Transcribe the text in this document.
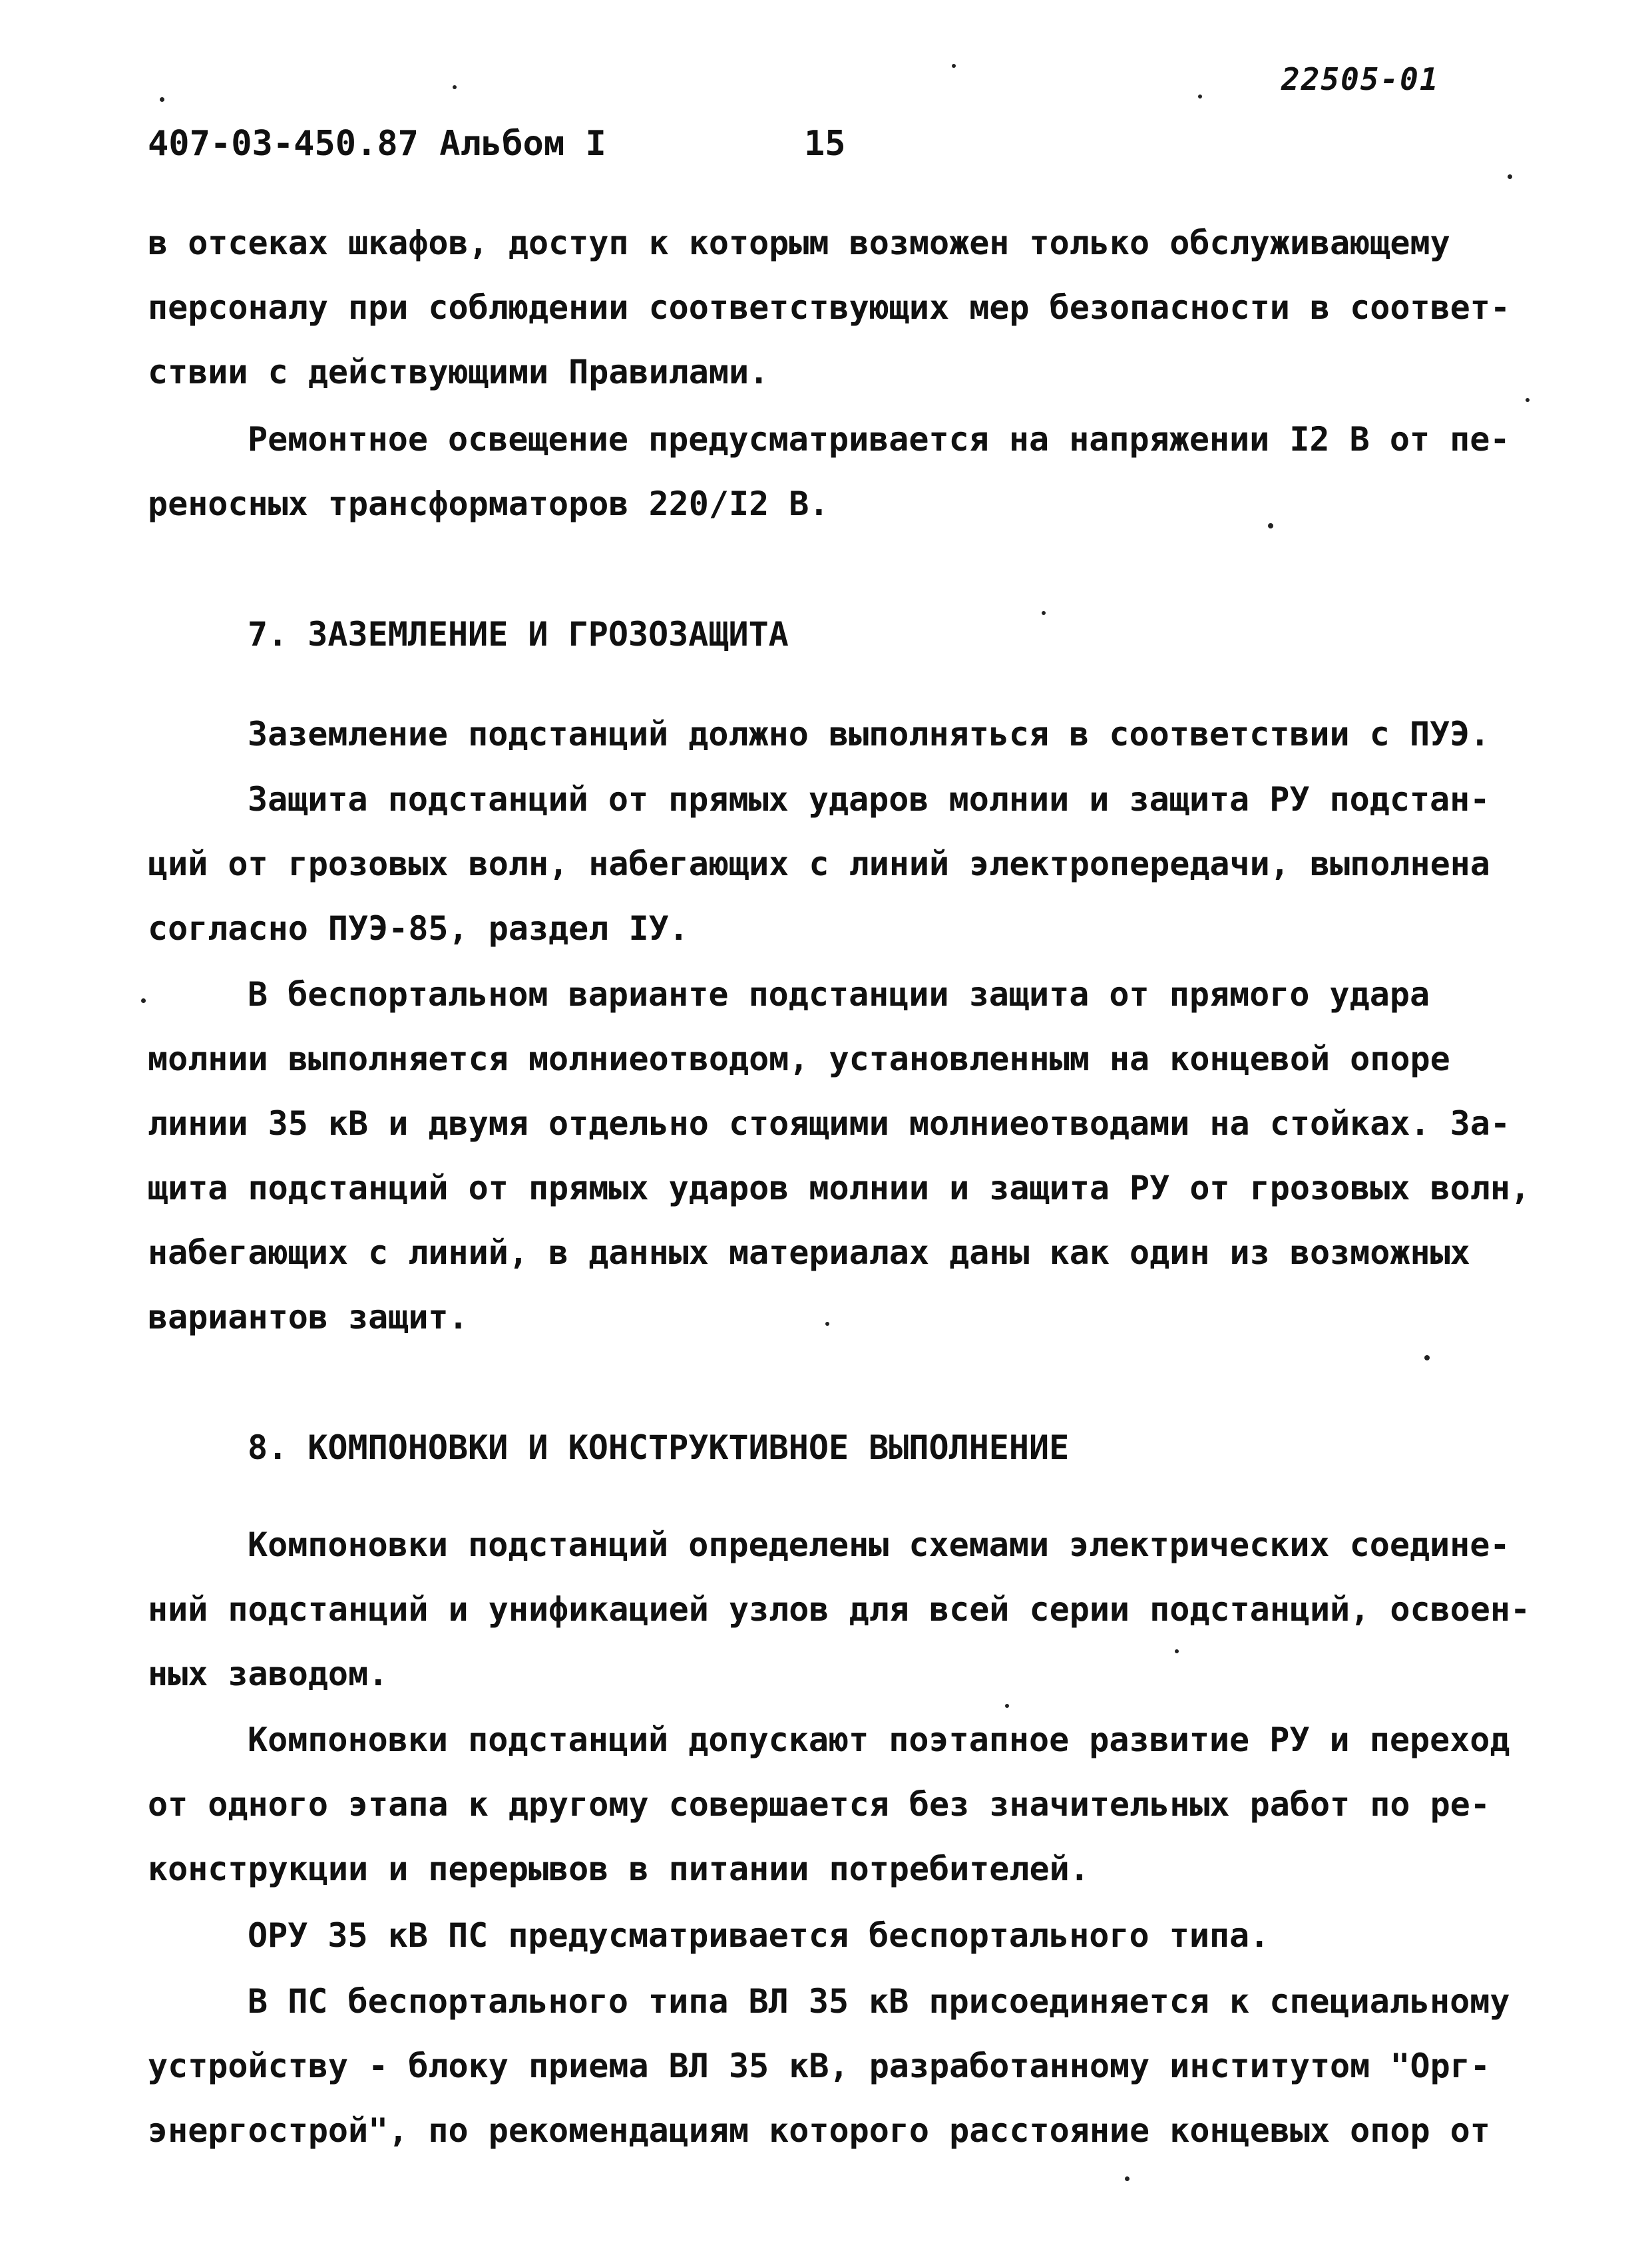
22505-01
407-03-450.87 Альбом I	15
в отсеках шкафов, доступ к которым возможен только обслуживающему
персоналу при соблюдении соответствующих мер безопасности в соответ-
ствии с действующими Правилами.
Ремонтное освещение предусматривается на напряжении I2 В от пе-
реносных трансформаторов 220/I2 В.
7. ЗАЗЕМЛЕНИЕ И ГРОЗОЗАЩИТА
Заземление подстанций должно выполняться в соответствии с ПУЭ.
Защита подстанций от прямых ударов молнии и защита РУ подстан-
ций от грозовых волн, набегающих с линий электропередачи, выполнена
согласно ПУЭ-85, раздел IУ.
В беспортальном варианте подстанции защита от прямого удара
молнии выполняется молниеотводом, установленным на концевой опоре
линии 35 кВ и двумя отдельно стоящими молниеотводами на стойках. За-
щита подстанций от прямых ударов молнии и защита РУ от грозовых волн,
набегающих с линий, в данных материалах даны как один из возможных
вариантов защит.
8. КОМПОНОВКИ И КОНСТРУКТИВНОЕ ВЫПОЛНЕНИЕ
Компоновки подстанций определены схемами электрических соедине-
ний подстанций и унификацией узлов для всей серии подстанций, освоен-
ных заводом.
Компоновки подстанций допускают поэтапное развитие РУ и переход
от одного этапа к другому совершается без значительных работ по ре-
конструкции и перерывов в питании потребителей.
ОРУ 35 кВ ПС предусматривается беспортального типа.
В ПС беспортального типа ВЛ 35 кВ присоединяется к специальному
устройству - блоку приема ВЛ 35 кВ, разработанному институтом "Орг-
энергострой", по рекомендациям которого расстояние концевых опор от
